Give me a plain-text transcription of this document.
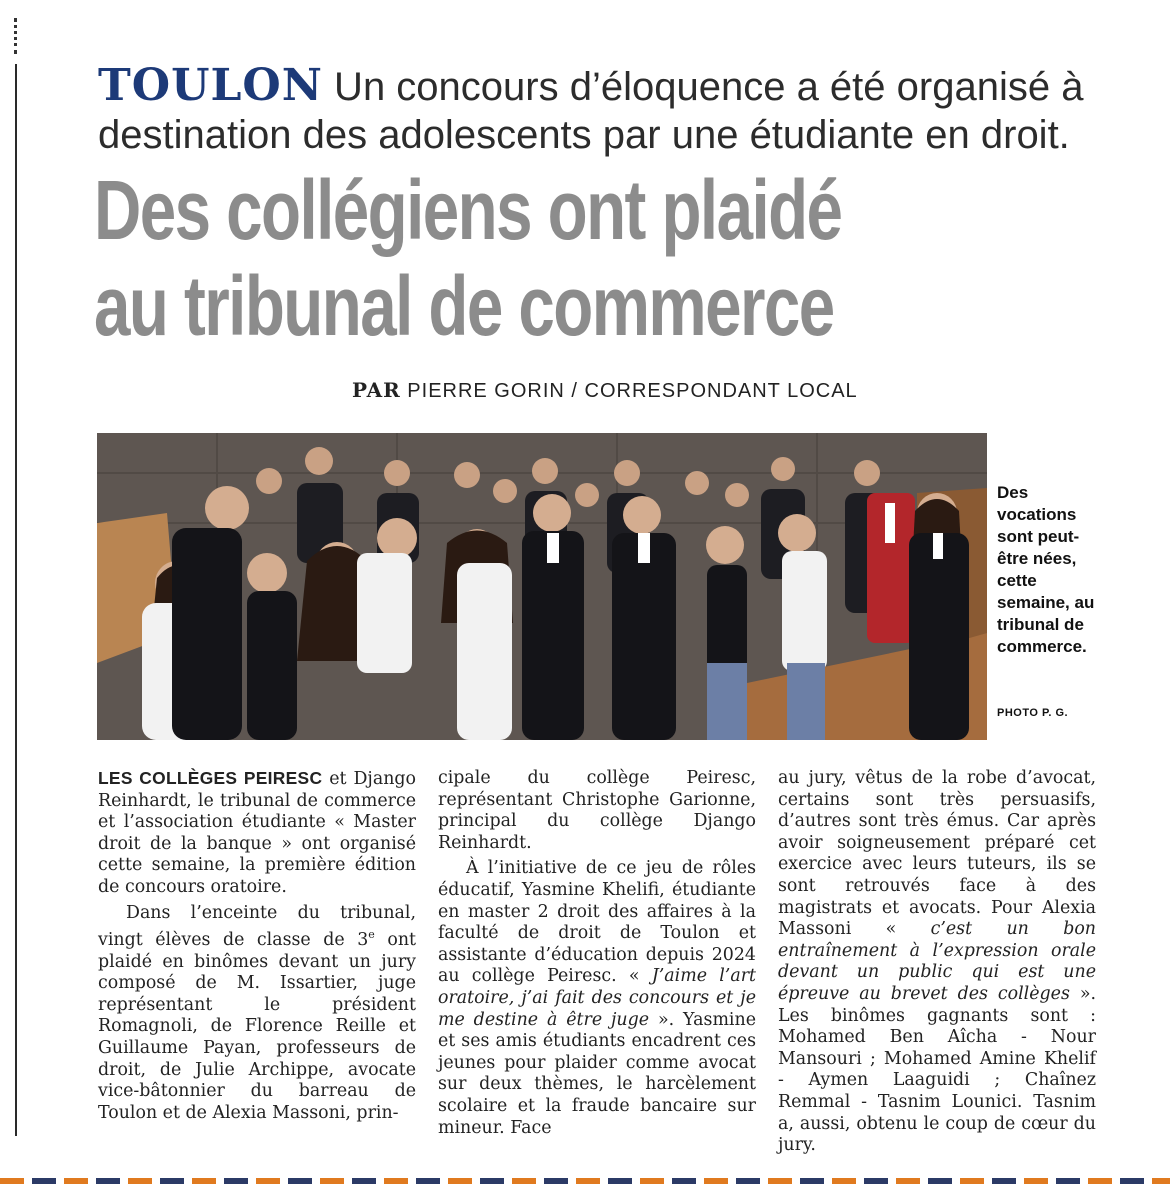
TOULON Un concours d’éloquence a été organisé à destination des adolescents par une étudiante en droit.
Des collégiens ont plaidé
au tribunal de commerce
PAR PIERRE GORIN / CORRESPONDANT LOCAL
Des vocations sont peut-être nées, cette semaine, au tribunal de commerce.
PHOTO P. G.

LES COLLÈGES PEIRESC et Django Reinhardt, le tribunal de commerce et l’association étudiante « Master droit de la banque » ont organisé cette semaine, la première édition de concours oratoire.

Dans l’enceinte du tribunal, vingt élèves de classe de 3e ont plaidé en binômes devant un jury composé de M. Issartier, juge représentant le président Romagnoli, de Florence Reille et Guillaume Payan, professeurs de droit, de Julie Archippe, avocate vice-bâtonnier du barreau de Toulon et de Alexia Massoni, prin-

cipale du collège Peiresc, représentant Christophe Garionne, principal du collège Django Reinhardt.

À l’initiative de ce jeu de rôles éducatif, Yasmine Khelifi, étudiante en master 2 droit des affaires à la faculté de droit de Toulon et assistante d’éducation depuis 2024 au collège Peiresc. « J’aime l’art oratoire, j’ai fait des concours et je me destine à être juge ». Yasmine et ses amis étudiants encadrent ces jeunes pour plaider comme avocat sur deux thèmes, le harcèlement scolaire et la fraude bancaire sur mineur. Face

au jury, vêtus de la robe d’avocat, certains sont très persuasifs, d’autres sont très émus. Car après avoir soigneusement préparé cet exercice avec leurs tuteurs, ils se sont retrouvés face à des magistrats et avocats. Pour Alexia Massoni « c’est un bon entraînement à l’expression orale devant un public qui est une épreuve au brevet des collèges ». Les binômes gagnants sont : Mohamed Ben Aîcha - Nour Mansouri ; Mohamed Amine Khelif - Aymen Laaguidi ; Chaînez Remmal - Tasnim Lounici. Tasnim a, aussi, obtenu le coup de cœur du jury.
